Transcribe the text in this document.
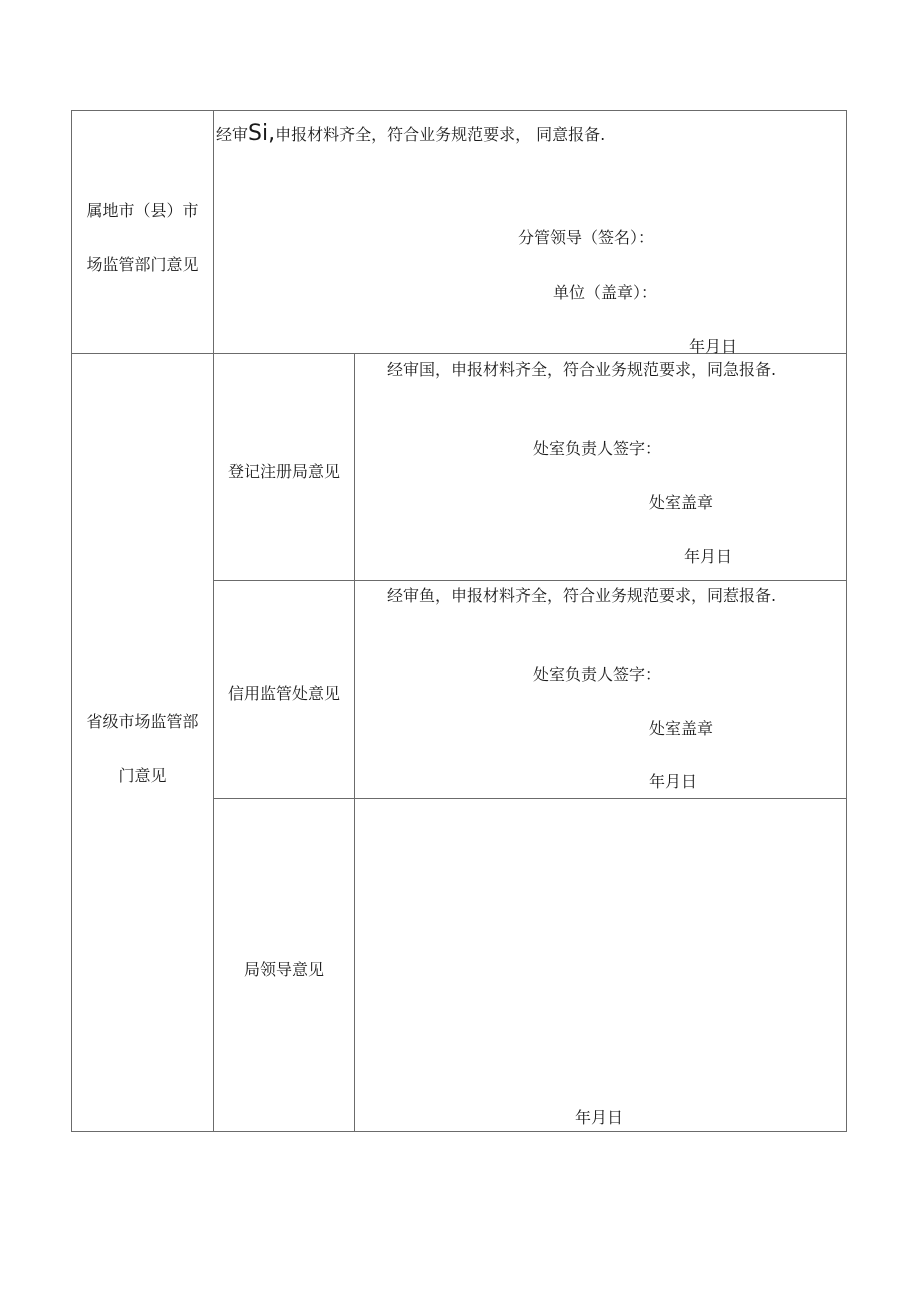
属地市（县）市
场监管部门意见
经审Si,申报材料齐全，符合业务规范要求， 同意报备.
分管领导（签名）：
单位（盖章）：
年月日
省级市场监管部
门意见
登记注册局意见
经审国，申报材料齐全，符合业务规范要求，同急报备.
处室负责人签字：
处室盖章
年月日
信用监管处意见
经审鱼，申报材料齐全，符合业务规范要求，同惹报备.
处室负责人签字：
处室盖章
年月日
局领导意见
年月日
